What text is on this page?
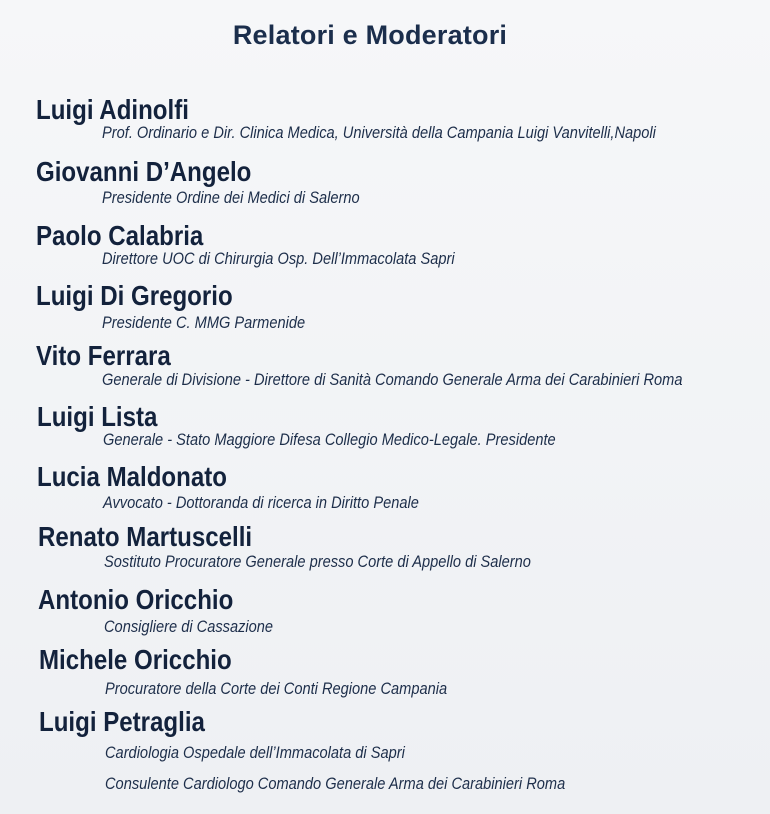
Relatori e Moderatori
Luigi Adinolfi
Prof. Ordinario e Dir. Clinica Medica, Università della Campania Luigi Vanvitelli,Napoli
Giovanni D’Angelo
Presidente Ordine dei Medici di Salerno
Paolo Calabria
Direttore UOC di Chirurgia Osp. Dell’Immacolata Sapri
Luigi Di Gregorio
Presidente C. MMG Parmenide
Vito Ferrara
Generale di Divisione - Direttore di Sanità Comando Generale Arma dei Carabinieri Roma
Luigi Lista
Generale - Stato Maggiore Difesa Collegio Medico-Legale. Presidente
Lucia Maldonato
Avvocato - Dottoranda di ricerca in Diritto Penale
Renato Martuscelli
Sostituto Procuratore Generale presso Corte di Appello di Salerno
Antonio Oricchio
Consigliere di Cassazione
Michele Oricchio
Procuratore della Corte dei Conti Regione Campania
Luigi Petraglia
Cardiologia Ospedale dell’Immacolata di Sapri
Consulente Cardiologo Comando Generale Arma dei Carabinieri Roma
